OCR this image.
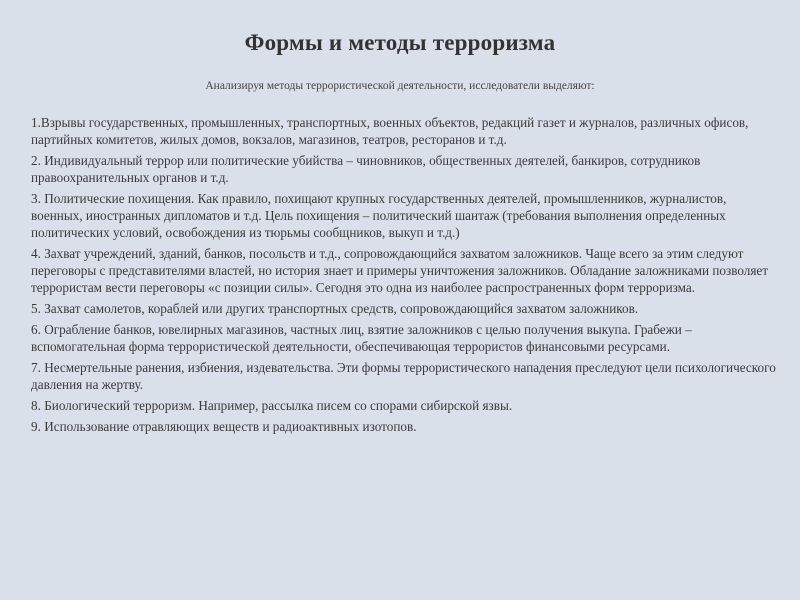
Формы и методы терроризма
Анализируя методы террористической деятельности, исследователи выделяют:

1.Взрывы государственных, промышленных, транспортных, военных объектов, редакций газет и журналов, различных офисов, партийных комитетов, жилых домов, вокзалов, магазинов, театров, ресторанов и т.д.

2. Индивидуальный террор или политические убийства – чиновников, общественных деятелей, банкиров, сотрудников правоохранительных органов и т.д.

3. Политические похищения. Как правило, похищают крупных государственных деятелей, промышленников, журналистов, военных, иностранных дипломатов и т.д. Цель похищения – политический шантаж (требования выполнения определенных политических условий, освобождения из тюрьмы сообщников, выкуп и т.д.)

4. Захват учреждений, зданий, банков, посольств и т.д., сопровождающийся захватом заложников. Чаще всего за этим следуют переговоры с представителями властей, но история знает и примеры уничтожения заложников. Обладание заложниками позволяет террористам вести переговоры «с позиции силы». Сегодня это одна из наиболее распространенных форм терроризма.

5. Захват самолетов, кораблей или других транспортных средств, сопровождающийся захватом заложников.

6. Ограбление банков, ювелирных магазинов, частных лиц, взятие заложников с целью получения выкупа. Грабежи – вспомогательная форма террористической деятельности, обеспечивающая террористов финансовыми ресурсами.

7. Несмертельные ранения, избиения, издевательства. Эти формы террористического нападения преследуют цели психологического давления на жертву.

8. Биологический терроризм. Например, рассылка писем со спорами сибирской язвы.

9. Использование отравляющих веществ и радиоактивных изотопов.
